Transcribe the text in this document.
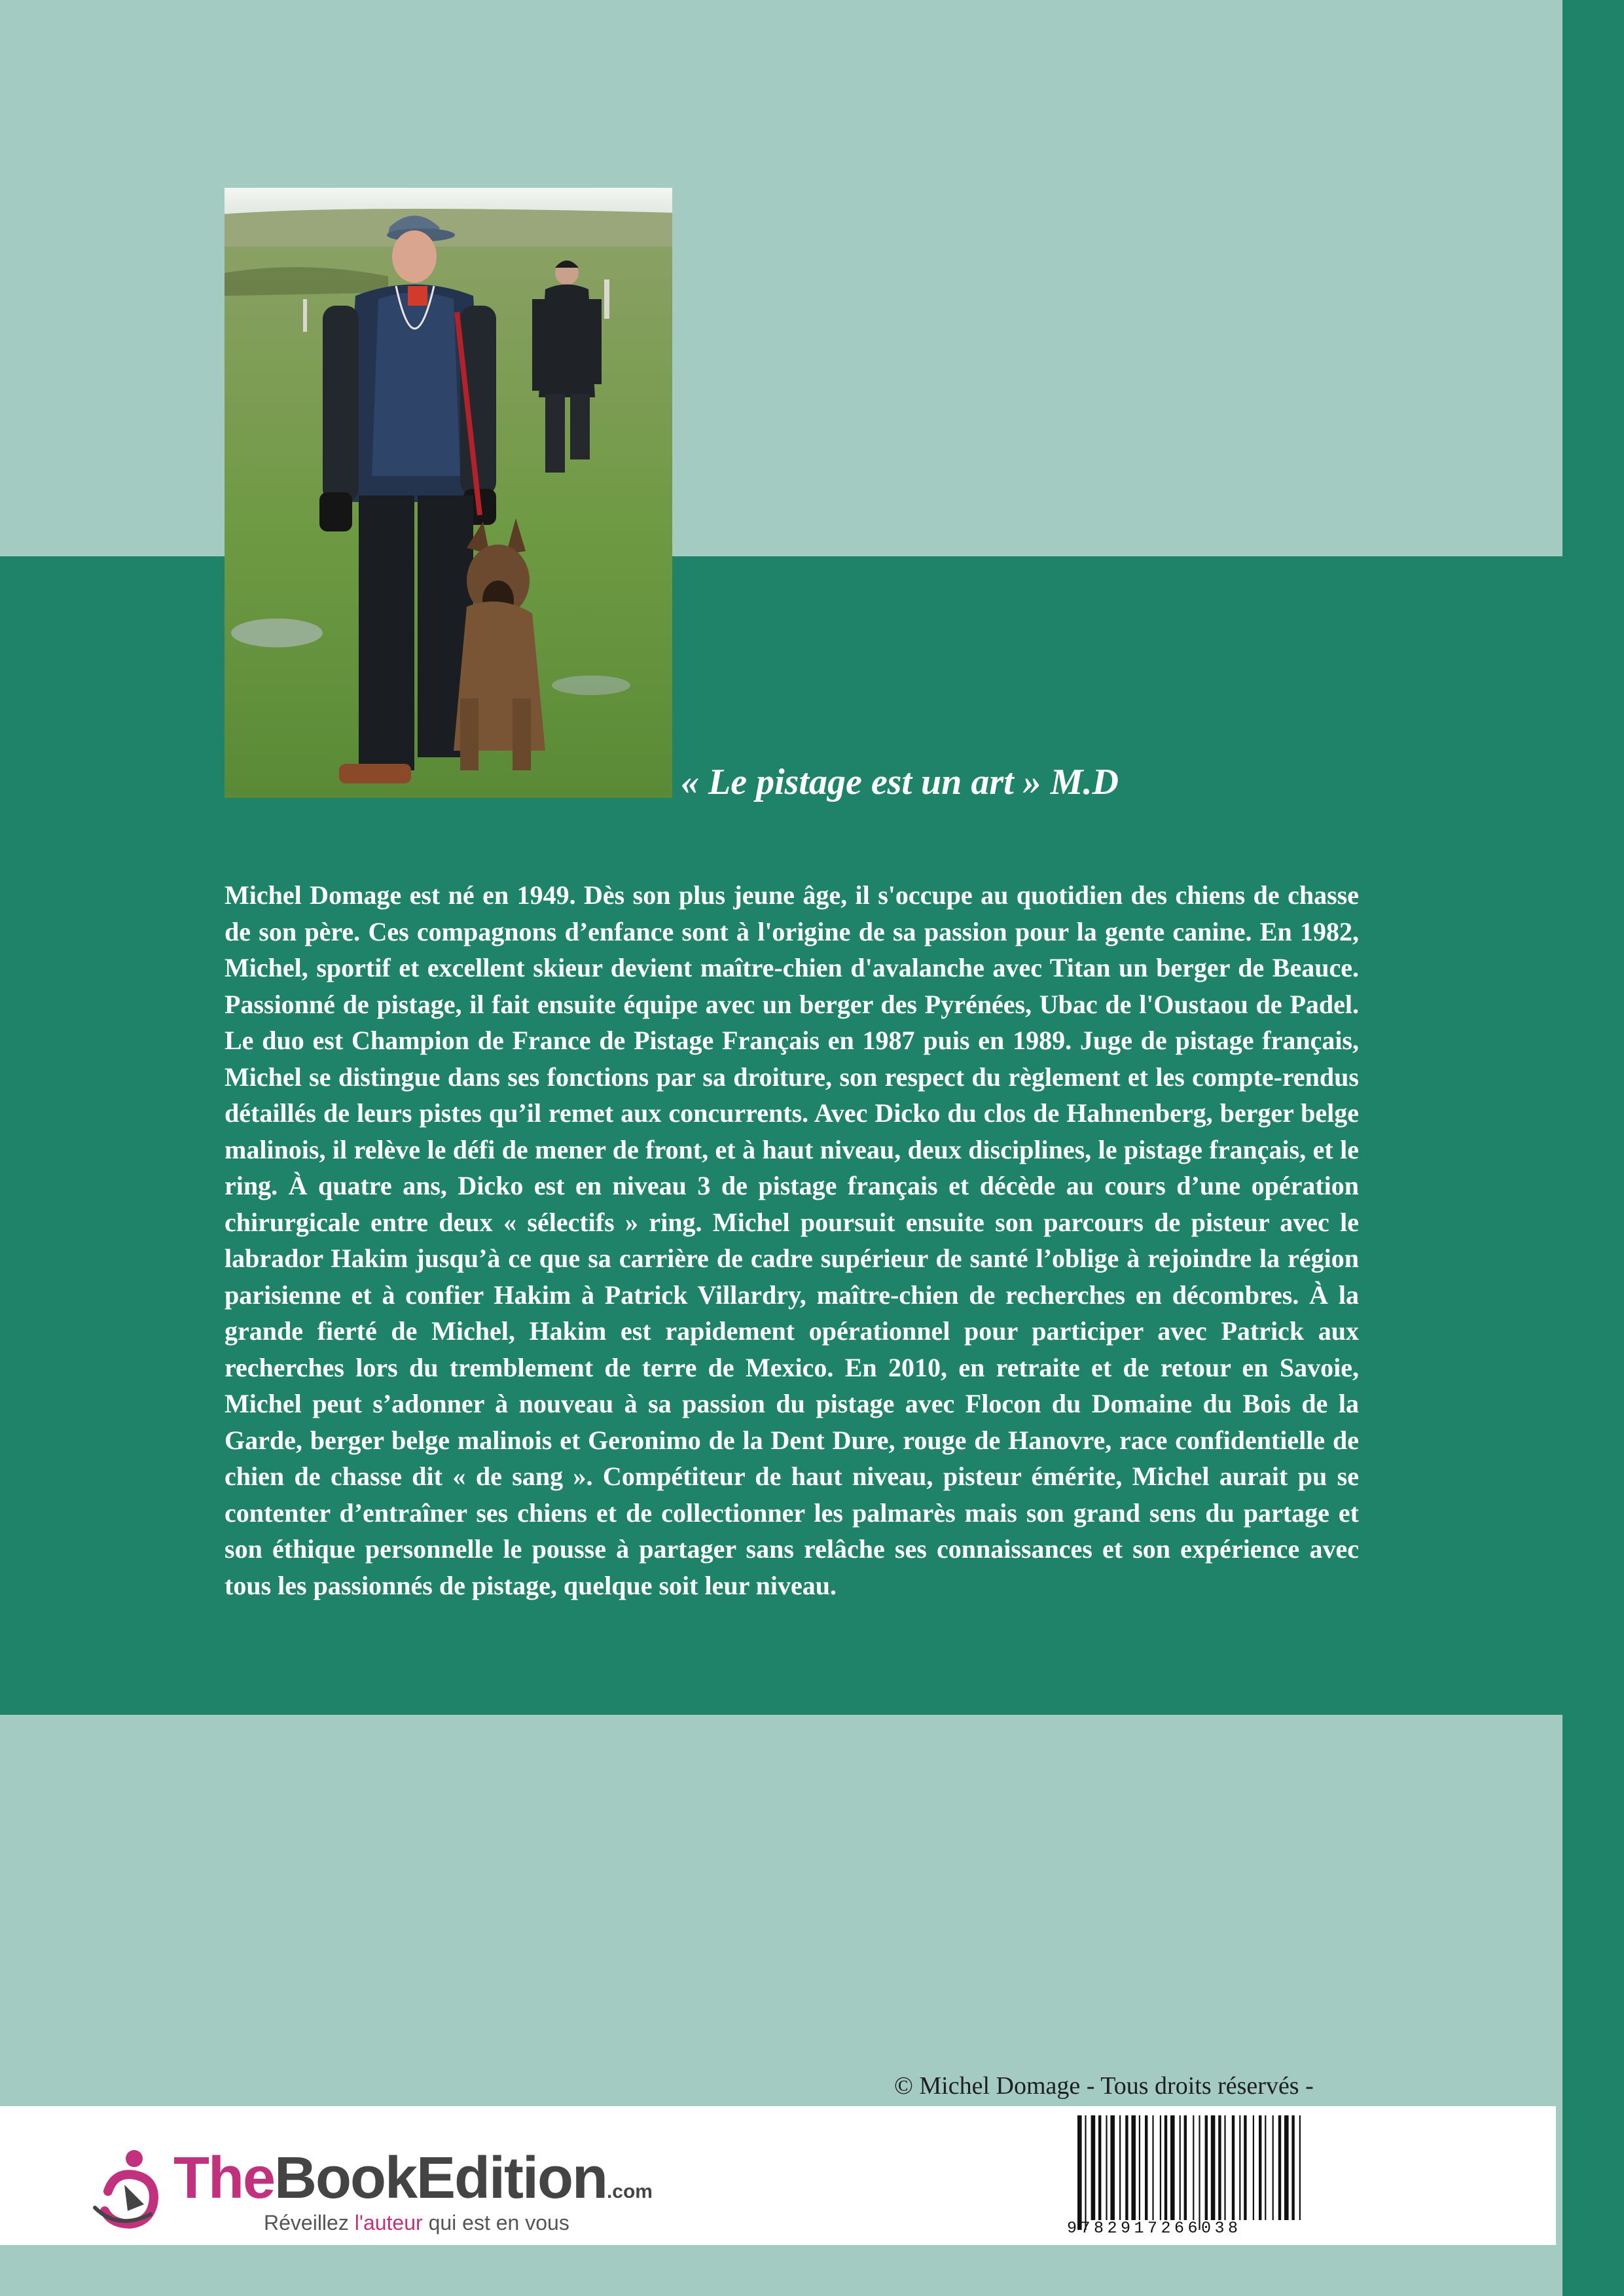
« Le pistage est un art » M.D

Michel Domage est né en 1949. Dès son plus jeune âge, il s'occupe au quotidien des chiens de chasse de son père. Ces compagnons d’enfance sont à l'origine de sa passion pour la gente canine. En 1982, Michel, sportif et excellent skieur devient maître-chien d'avalanche avec Titan un berger de Beauce. Passionné de pistage, il fait ensuite équipe avec un berger des Pyrénées, Ubac de l'Oustaou de Padel. Le duo est Champion de France de Pistage Français en 1987 puis en 1989. Juge de pistage français, Michel se distingue dans ses fonctions par sa droiture, son respect du règlement et les compte-rendus détaillés de leurs pistes qu’il remet aux concurrents. Avec Dicko du clos de Hahnenberg, berger belge malinois, il relève le défi de mener de front, et à haut niveau, deux disciplines, le pistage français, et le ring. À quatre ans, Dicko est en niveau 3 de pistage français et décède au cours d’une opération chirurgicale entre deux « sélectifs » ring. Michel poursuit ensuite son parcours de pisteur avec le labrador Hakim jusqu’à ce que sa carrière de cadre supérieur de santé l’oblige à rejoindre la région parisienne et à confier Hakim à Patrick Villardry, maître-chien de recherches en décombres. À la grande fierté de Michel, Hakim est rapidement opérationnel pour participer avec Patrick aux recherches lors du tremblement de terre de Mexico. En 2010, en retraite et de retour en Savoie, Michel peut s’adonner à nouveau à sa passion du pistage avec Flocon du Domaine du Bois de la Garde, berger belge malinois et Geronimo de la Dent Dure, rouge de Hanovre, race confidentielle de chien de chasse dit « de sang ». Compétiteur de haut niveau, pisteur émérite, Michel aurait pu se contenter d’entraîner ses chiens et de collectionner les palmarès mais son grand sens du partage et son éthique personnelle le pousse à partager sans relâche ses connaissances et son expérience avec tous les passionnés de pistage, quelque soit leur niveau.

© Michel Domage - Tous droits réservés -
TheBookEdition.com
Réveillez l'auteur qui est en vous	9782917266038
